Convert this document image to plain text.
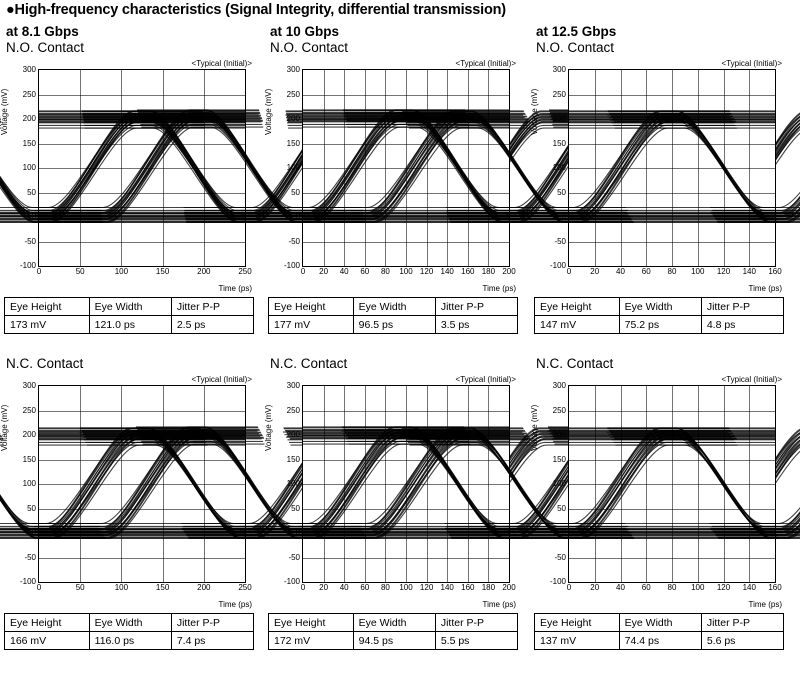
●High-frequency characteristics (Signal Integrity, differential transmission)
at 8.1 Gbps
N.O. Contact
<Typical (Initial)>
Voltage (mV)
Time (ps)
-100
-50
0
50
100
150
200
250
300
0	50	100	150	200	250
Eye Height	Eye Width	Jitter P-P
173 mV	121.0 ps	2.5 ps
N.C. Contact
<Typical (Initial)>
Voltage (mV)
Time (ps)
-100
-50
0
50
100
150
200
250
300
0	50	100	150	200	250
Eye Height	Eye Width	Jitter P-P
166 mV	116.0 ps	7.4 ps
at 10 Gbps
N.O. Contact
<Typical (Initial)>
Voltage (mV)
Time (ps)
-100
-50
0
50
100
150
200
250
300
0 20 40 60 80 100 120 140 160 180 200
Eye Height	Eye Width	Jitter P-P
177 mV	96.5 ps	3.5 ps
N.C. Contact
<Typical (Initial)>
Voltage (mV)
Time (ps)
-100
-50
0
50
100
150
200
250
300
0 20 40 60 80 100 120 140 160 180 200
Eye Height	Eye Width	Jitter P-P
172 mV	94.5 ps	5.5 ps
at 12.5 Gbps
N.O. Contact
<Typical (Initial)>
Voltage (mV)
Time (ps)
-100
-50
0
50
100
150
200
250
300
0 20 40 60 80 100 120 140 160
Eye Height	Eye Width	Jitter P-P
147 mV	75.2 ps	4.8 ps
N.C. Contact
<Typical (Initial)>
Voltage (mV)
Time (ps)
-100
-50
0
50
100
150
200
250
300
0 20 40 60 80 100 120 140 160
Eye Height	Eye Width	Jitter P-P
137 mV	74.4 ps	5.6 ps
